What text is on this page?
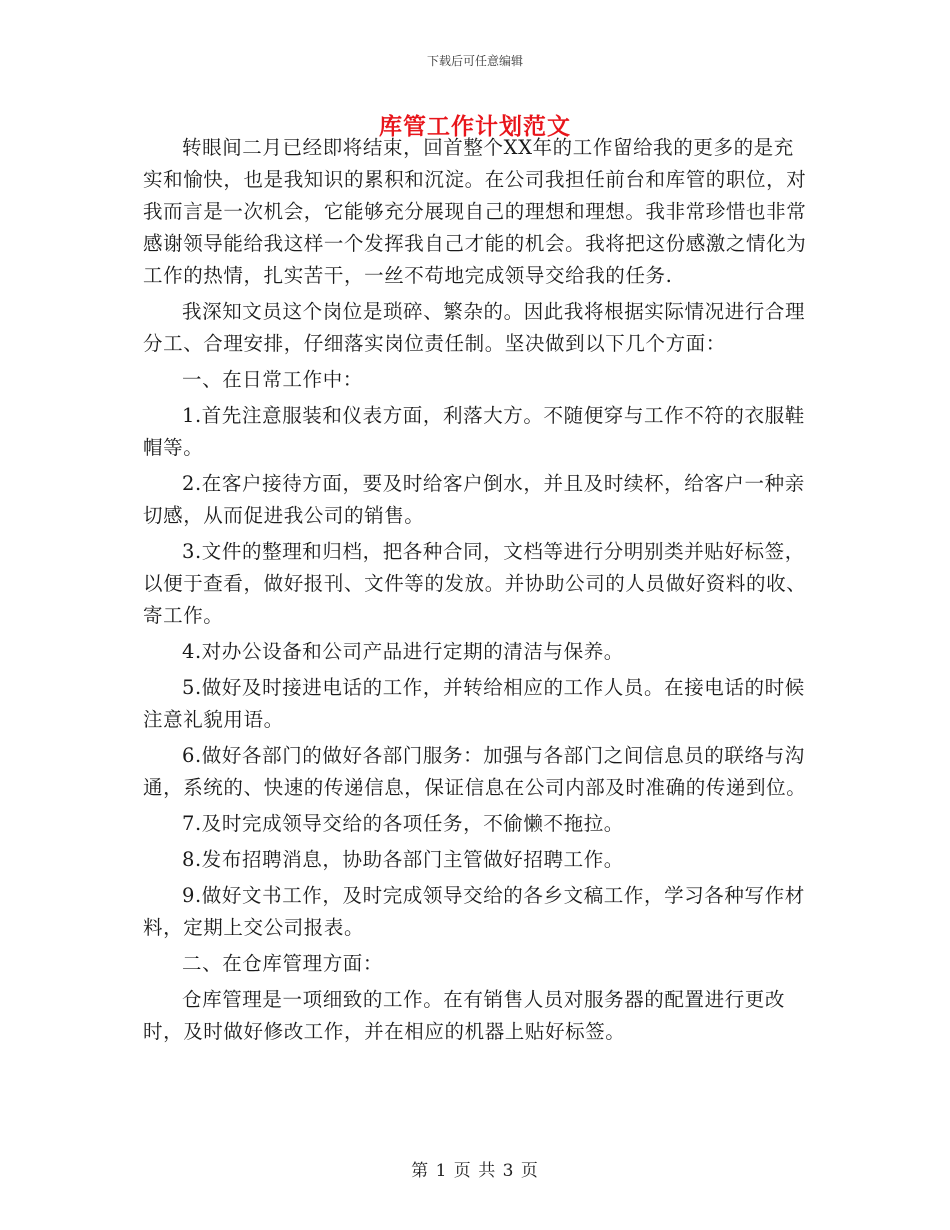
下载后可任意编辑
库管工作计划范文

转眼间二月已经即将结束，回首整个XX年的工作留给我的更多的是充实和愉快，也是我知识的累积和沉淀。在公司我担任前台和库管的职位，对我而言是一次机会，它能够充分展现自己的理想和理想。我非常珍惜也非常感谢领导能给我这样一个发挥我自己才能的机会。我将把这份感激之情化为工作的热情，扎实苦干，一丝不苟地完成领导交给我的任务.

我深知文员这个岗位是琐碎、繁杂的。因此我将根据实际情况进行合理分工、合理安排，仔细落实岗位责任制。坚决做到以下几个方面：

一、在日常工作中：

1.首先注意服装和仪表方面，利落大方。不随便穿与工作不符的衣服鞋帽等。

2.在客户接待方面，要及时给客户倒水，并且及时续杯，给客户一种亲切感，从而促进我公司的销售。

3.文件的整理和归档，把各种合同，文档等进行分明别类并贴好标签，以便于查看，做好报刊、文件等的发放。并协助公司的人员做好资料的收、寄工作。

4.对办公设备和公司产品进行定期的清洁与保养。

5.做好及时接进电话的工作，并转给相应的工作人员。在接电话的时候注意礼貌用语。

6.做好各部门的做好各部门服务：加强与各部门之间信息员的联络与沟通，系统的、快速的传递信息，保证信息在公司内部及时准确的传递到位。

7.及时完成领导交给的各项任务，不偷懒不拖拉。

8.发布招聘消息，协助各部门主管做好招聘工作。

9.做好文书工作，及时完成领导交给的各乡文稿工作，学习各种写作材料，定期上交公司报表。

二、在仓库管理方面：

仓库管理是一项细致的工作。在有销售人员对服务器的配置进行更改时，及时做好修改工作，并在相应的机器上贴好标签。

第 1 页 共 3 页
